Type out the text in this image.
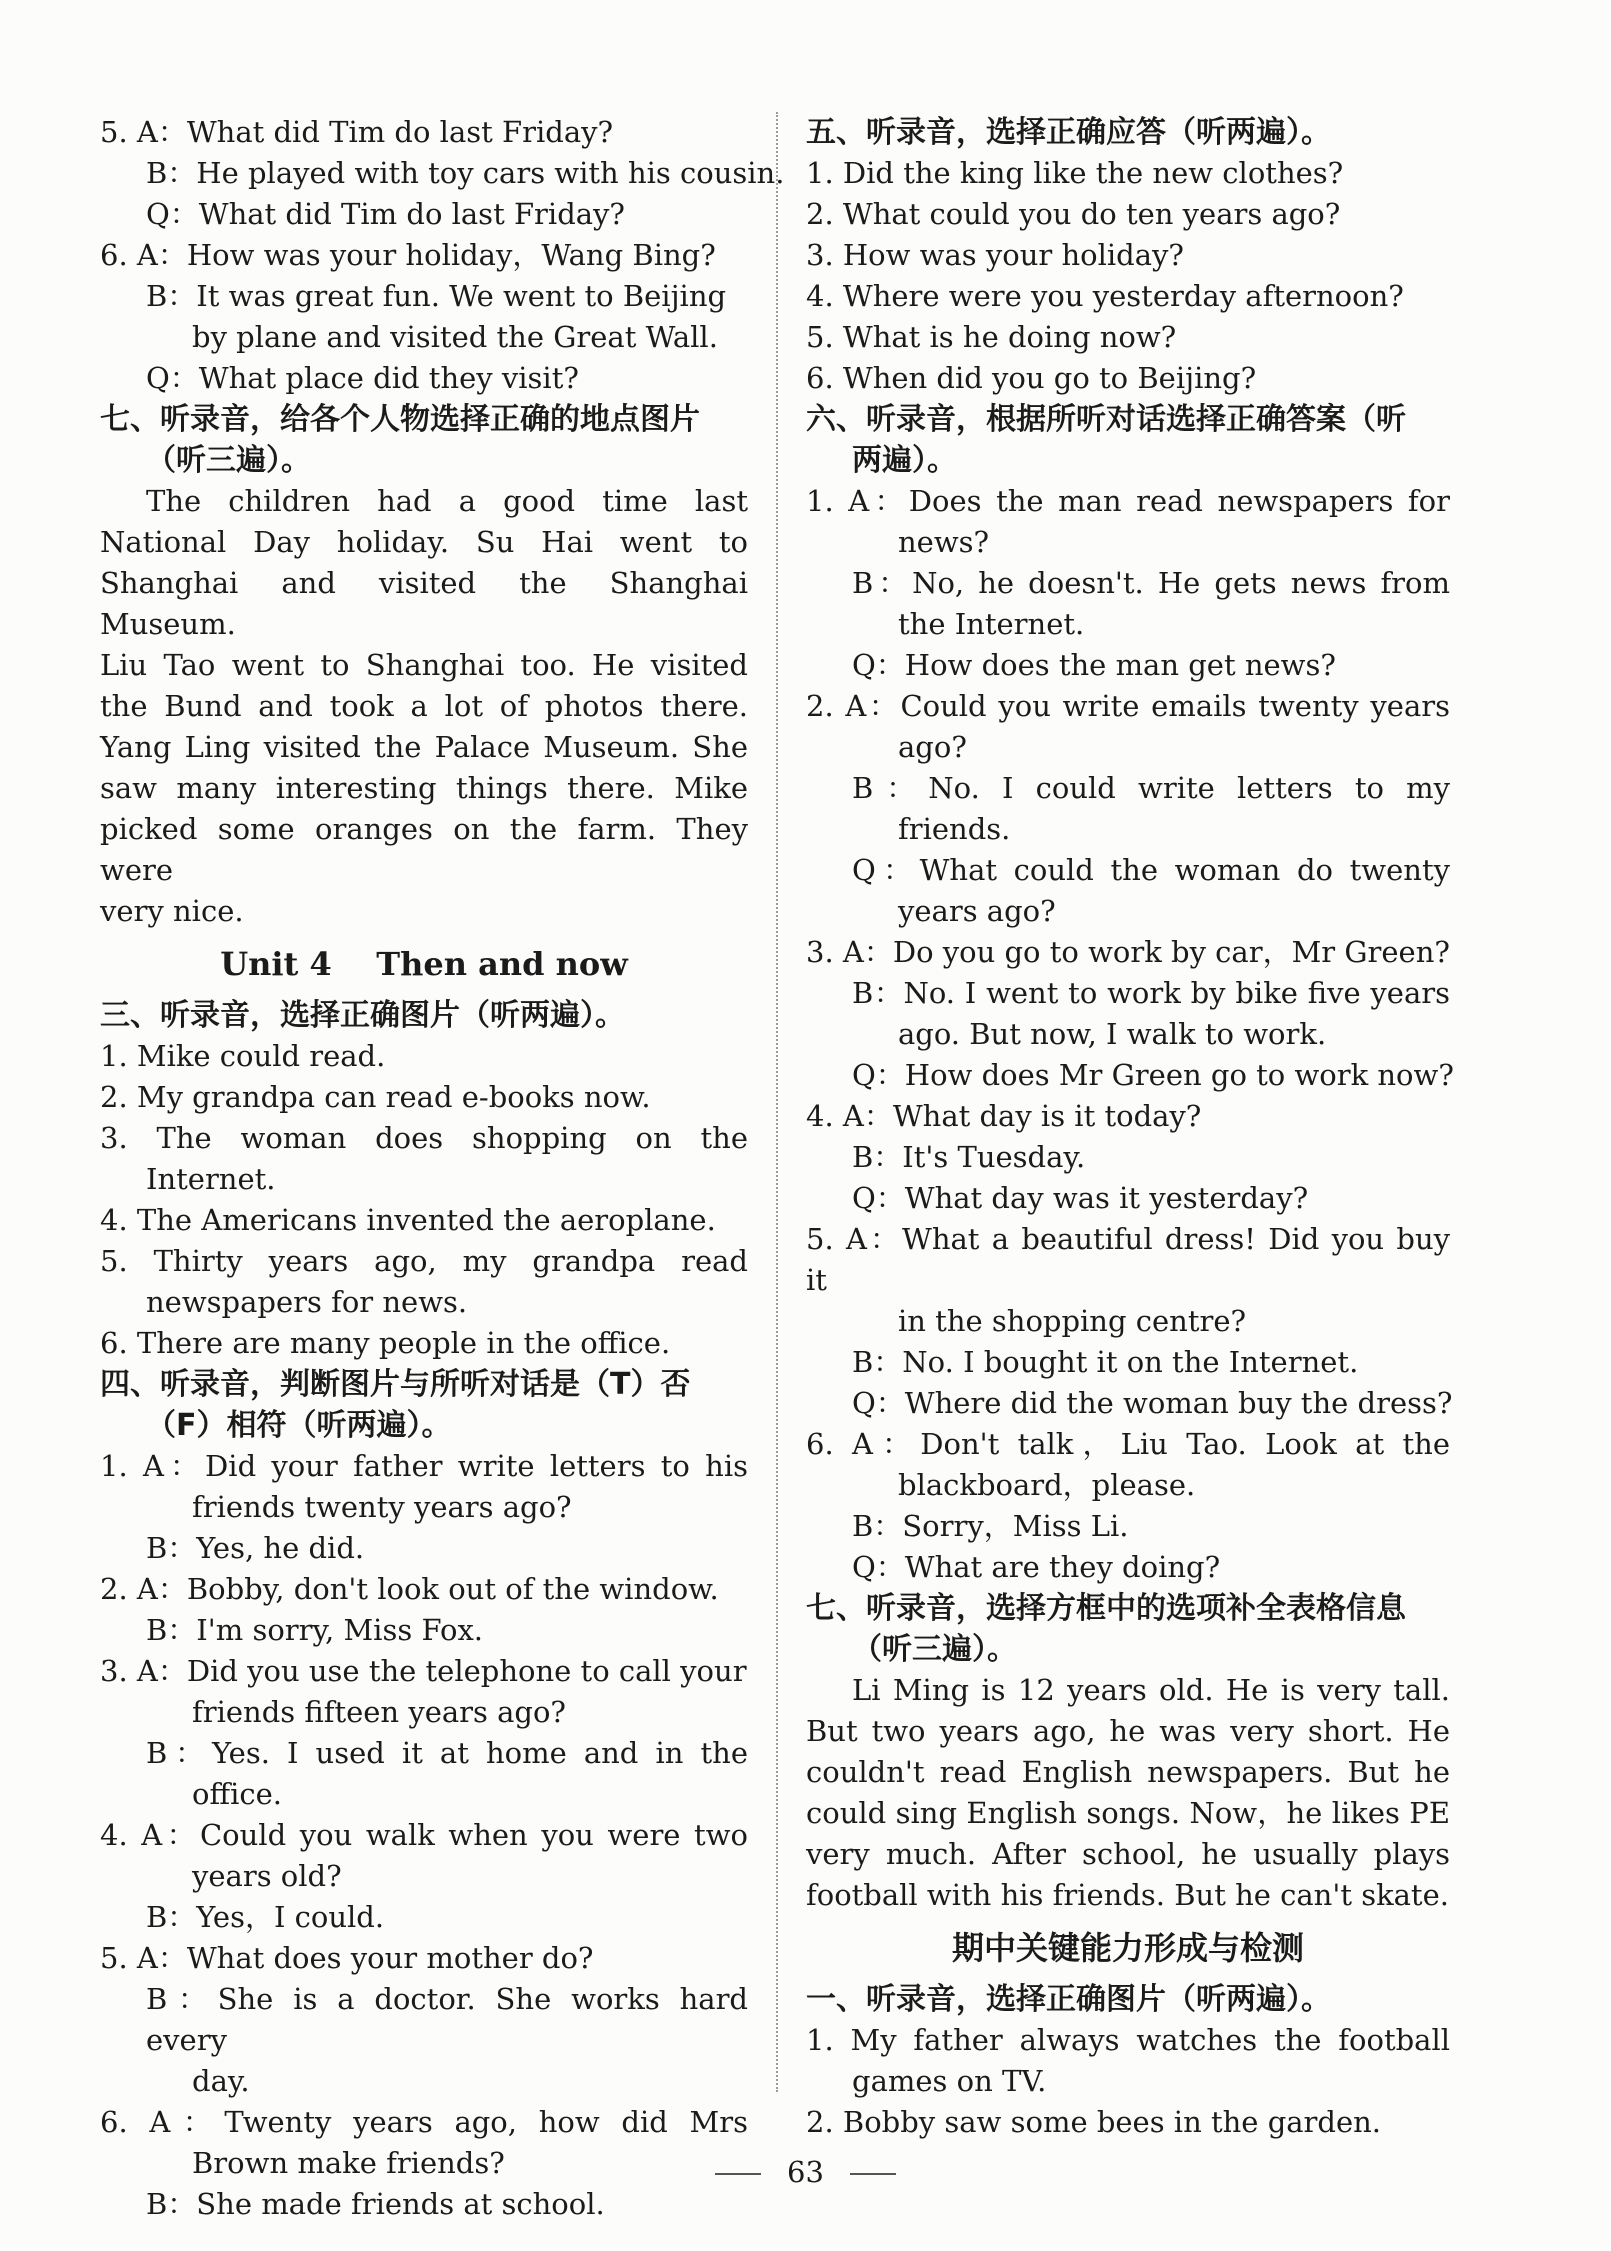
5. A：What did Tim do last Friday?
B：He played with toy cars with his cousin.
Q：What did Tim do last Friday?
6. A：How was your holiday，Wang Bing?
B：It was great fun. We went to Beijing
by plane and visited the Great Wall.
Q：What place did they visit?
七、听录音，给各个人物选择正确的地点图片
（听三遍）。

The children had a good time last

National Day holiday. Su Hai went to

Shanghai and visited the Shanghai Museum.

Liu Tao went to Shanghai too. He visited

the Bund and took a lot of photos there.

Yang Ling visited the Palace Museum. She

saw many interesting things there. Mike

picked some oranges on the farm. They were

very nice.

Unit 4    Then and now
三、听录音，选择正确图片（听两遍）。
1. Mike could read.
2. My grandpa can read e-books now.
3. The woman does shopping on the
Internet.
4. The Americans invented the aeroplane.
5. Thirty years ago, my grandpa read
newspapers for news.
6. There are many people in the office.
四、听录音，判断图片与所听对话是（T）否
（F）相符（听两遍）。
1. A：Did your father write letters to his
friends twenty years ago?
B：Yes, he did.
2. A：Bobby, don't look out of the window.
B：I'm sorry, Miss Fox.
3. A：Did you use the telephone to call your
friends fifteen years ago?
B：Yes. I used it at home and in the
office.
4. A：Could you walk when you were two
years old?
B：Yes，I could.
5. A：What does your mother do?
B：She is a doctor. She works hard every
day.
6. A：Twenty years ago, how did Mrs
Brown make friends?
B：She made friends at school.
五、听录音，选择正确应答（听两遍）。
1. Did the king like the new clothes?
2. What could you do ten years ago?
3. How was your holiday?
4. Where were you yesterday afternoon?
5. What is he doing now?
6. When did you go to Beijing?
六、听录音，根据所听对话选择正确答案（听
两遍）。
1. A：Does the man read newspapers for
news?
B：No, he doesn't. He gets news from
the Internet.
Q：How does the man get news?
2. A：Could you write emails twenty years
ago?
B：No. I could write letters to my
friends.
Q：What could the woman do twenty
years ago?
3. A：Do you go to work by car，Mr Green?
B：No. I went to work by bike five years
ago. But now, I walk to work.
Q：How does Mr Green go to work now?
4. A：What day is it today?
B：It's Tuesday.
Q：What day was it yesterday?
5. A：What a beautiful dress! Did you buy it
in the shopping centre?
B：No. I bought it on the Internet.
Q：Where did the woman buy the dress?
6. A：Don't talk，Liu Tao. Look at the
blackboard，please.
B：Sorry，Miss Li.
Q：What are they doing?
七、听录音，选择方框中的选项补全表格信息
（听三遍）。

Li Ming is 12 years old. He is very tall.

But two years ago, he was very short. He

couldn't read English newspapers. But he

could sing English songs. Now，he likes PE

very much. After school, he usually plays

football with his friends. But he can't skate.

期中关键能力形成与检测
一、听录音，选择正确图片（听两遍）。
1. My father always watches the football
games on TV.
2. Bobby saw some bees in the garden.
63
